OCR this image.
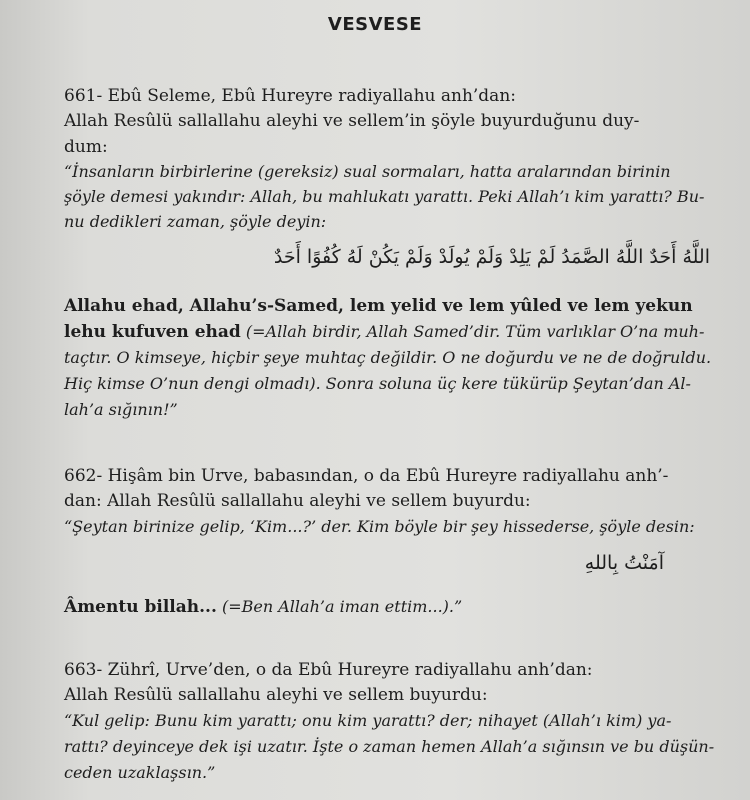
VESVESE
661- Ebû Seleme, Ebû Hureyre radiyallahu anh’dan:
Allah Resûlü sallallahu aleyhi ve sellem’in şöyle buyurduğunu duy-
dum:
“İnsanların birbirlerine (gereksiz) sual sormaları, hatta aralarından birinin
şöyle demesi yakındır: Allah, bu mahlukatı yarattı. Peki Allah’ı kim yarattı? Bu-
nu dedikleri zaman, şöyle deyin:
اللَّهُ أَحَدٌ اللَّهُ الصَّمَدُ لَمْ يَلِدْ وَلَمْ يُولَدْ وَلَمْ يَكُنْ لَهُ كُفُوًا أَحَدٌ
Allahu ehad, Allahu’s-Samed, lem yelid ve lem yûled ve lem yekun
lehu kufuven ehad (=Allah birdir, Allah Samed’dir. Tüm varlıklar O’na muh-
taçtır. O kimseye, hiçbir şeye muhtaç değildir. O ne doğurdu ve ne de doğruldu.
Hiç kimse O’nun dengi olmadı). Sonra soluna üç kere tükürüp Şeytan’dan Al-
lah’a sığının!”
662- Hişâm bin Urve, babasından, o da Ebû Hureyre radiyallahu anh’-
dan: Allah Resûlü sallallahu aleyhi ve sellem buyurdu:
“Şeytan birinize gelip, ‘Kim...?’ der. Kim böyle bir şey hissederse, şöyle desin:
آمَنْتُ بِاللهِ
Âmentu billah... (=Ben Allah’a iman ettim...).”
663- Zührî, Urve’den, o da Ebû Hureyre radiyallahu anh’dan:
Allah Resûlü sallallahu aleyhi ve sellem buyurdu:
“Kul gelip: Bunu kim yarattı; onu kim yarattı? der; nihayet (Allah’ı kim) ya-
rattı? deyinceye dek işi uzatır. İşte o zaman hemen Allah’a sığınsın ve bu düşün-
ceden uzaklaşsın.”
